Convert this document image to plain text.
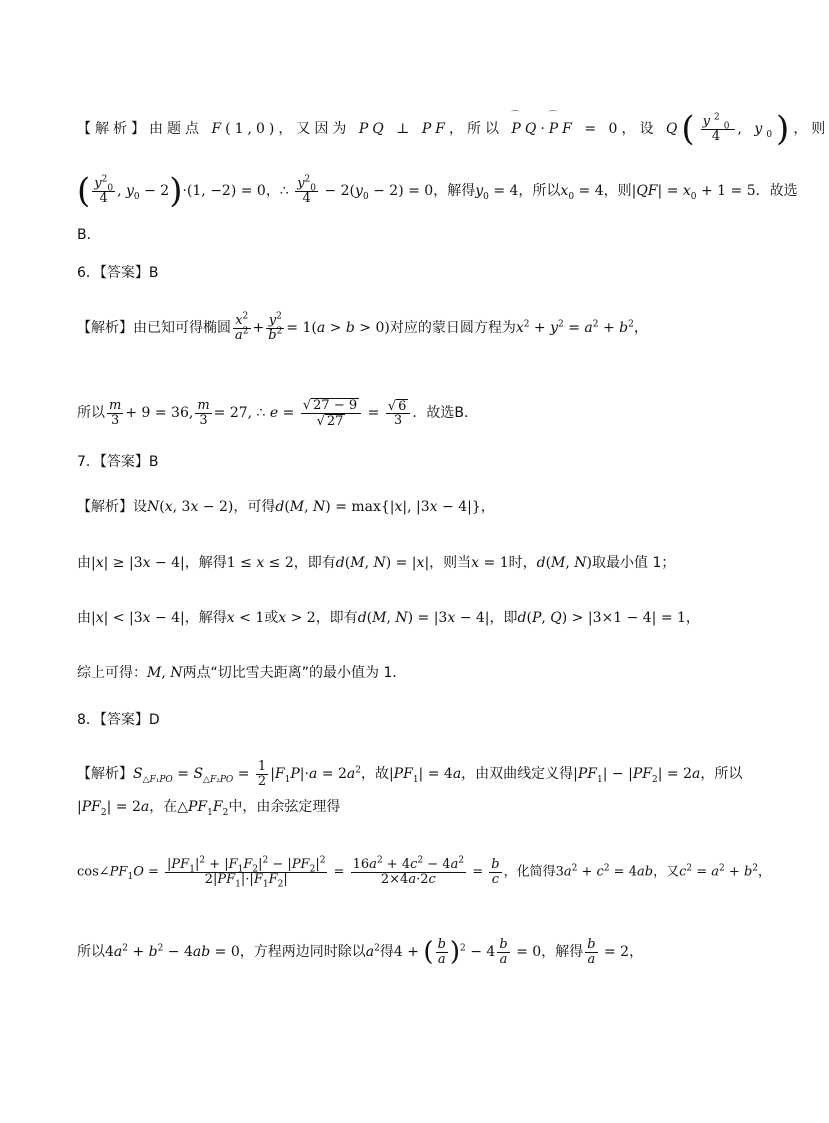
【解析】由题点 F(1,0)，又因为 PQ ⊥ PF，所以 ⌒ PQ·⌒ PF = 0，设 $Q( \frac{y^2_0}{4}$ , $y_0$)，则
( $\frac{y^2_0}{4}$ , $y_0 - 2)\cdot(1$, −2) = 0，∴ $\frac{y^2_0}{4} - 2(y_0 - 2) = 0$，解得$y_0 = 4$，所以$x_0 = 4$，则$|QF| = x_0 + 1 = 5$．故选
B．
6．【答案】B
【解析】由已知可得椭圆 $\frac{x^2}{a^2} + \frac{y^2}{b^2} = 1(a > b > 0)$对应的蒙日圆方程为$x^2 + y^2 = a^2 + b^2$，
所以 $\frac{m}{3} + 9 = 36$, $\frac{m}{3} = 27$, ∴ $e = \frac{√ 27 - 9}{√ 27} = \frac{√ 6}{3}$ ．故选B．
7．【答案】B
【解析】设N(x, 3x − 2)，可得d(M, N) = max{|x|, |3x − 4|}，
由|x| ≥ |3x − 4|，解得1 ≤ x ≤ 2，即有d(M, N) = |x|，则当x = 1时，d(M, N)取最小值 1；
由|x| < |3x − 4|，解得x < 1或x > 2，即有d(M, N) = |3x − 4|，即d(P, Q) > |3×1 − 4| = 1，
综上可得：M, N两点“切比雪夫距离”的最小值为 1．
8．【答案】D
【解析】$S_{\triangle F_1PO} = S_{\triangle F_2PO} = \frac{1}{2} |F_1P|\cdot a = 2a^2$，故$|PF_1| = 4a$，由双曲线定义得$|PF_1| - |PF_2| = 2a$，所以
$|PF_2| = 2a$，在$\triangle PF_1F_2$中，由余弦定理得
$\cos\angle PF_1O = \frac{|PF_1|^2 + |F_1F_2|^2 - |PF_2|^2}{2|PF_1|\cdot|F_1F_2|} = \frac{16a^2 + 4c^2 - 4a^2}{2\times 4a\cdot 2c} = \frac{b}{c}$ ，化简得$3a^2 + c^2 = 4ab$，又$c^2 = a^2 + b^2$，
所以$4a^2 + b^2 - 4ab = 0$，方程两边同时除以$a^2$得4 + ( $\frac{b}{a} )^2 - 4 \frac{b}{a} = 0$，解得 $\frac{b}{a} = 2$，
